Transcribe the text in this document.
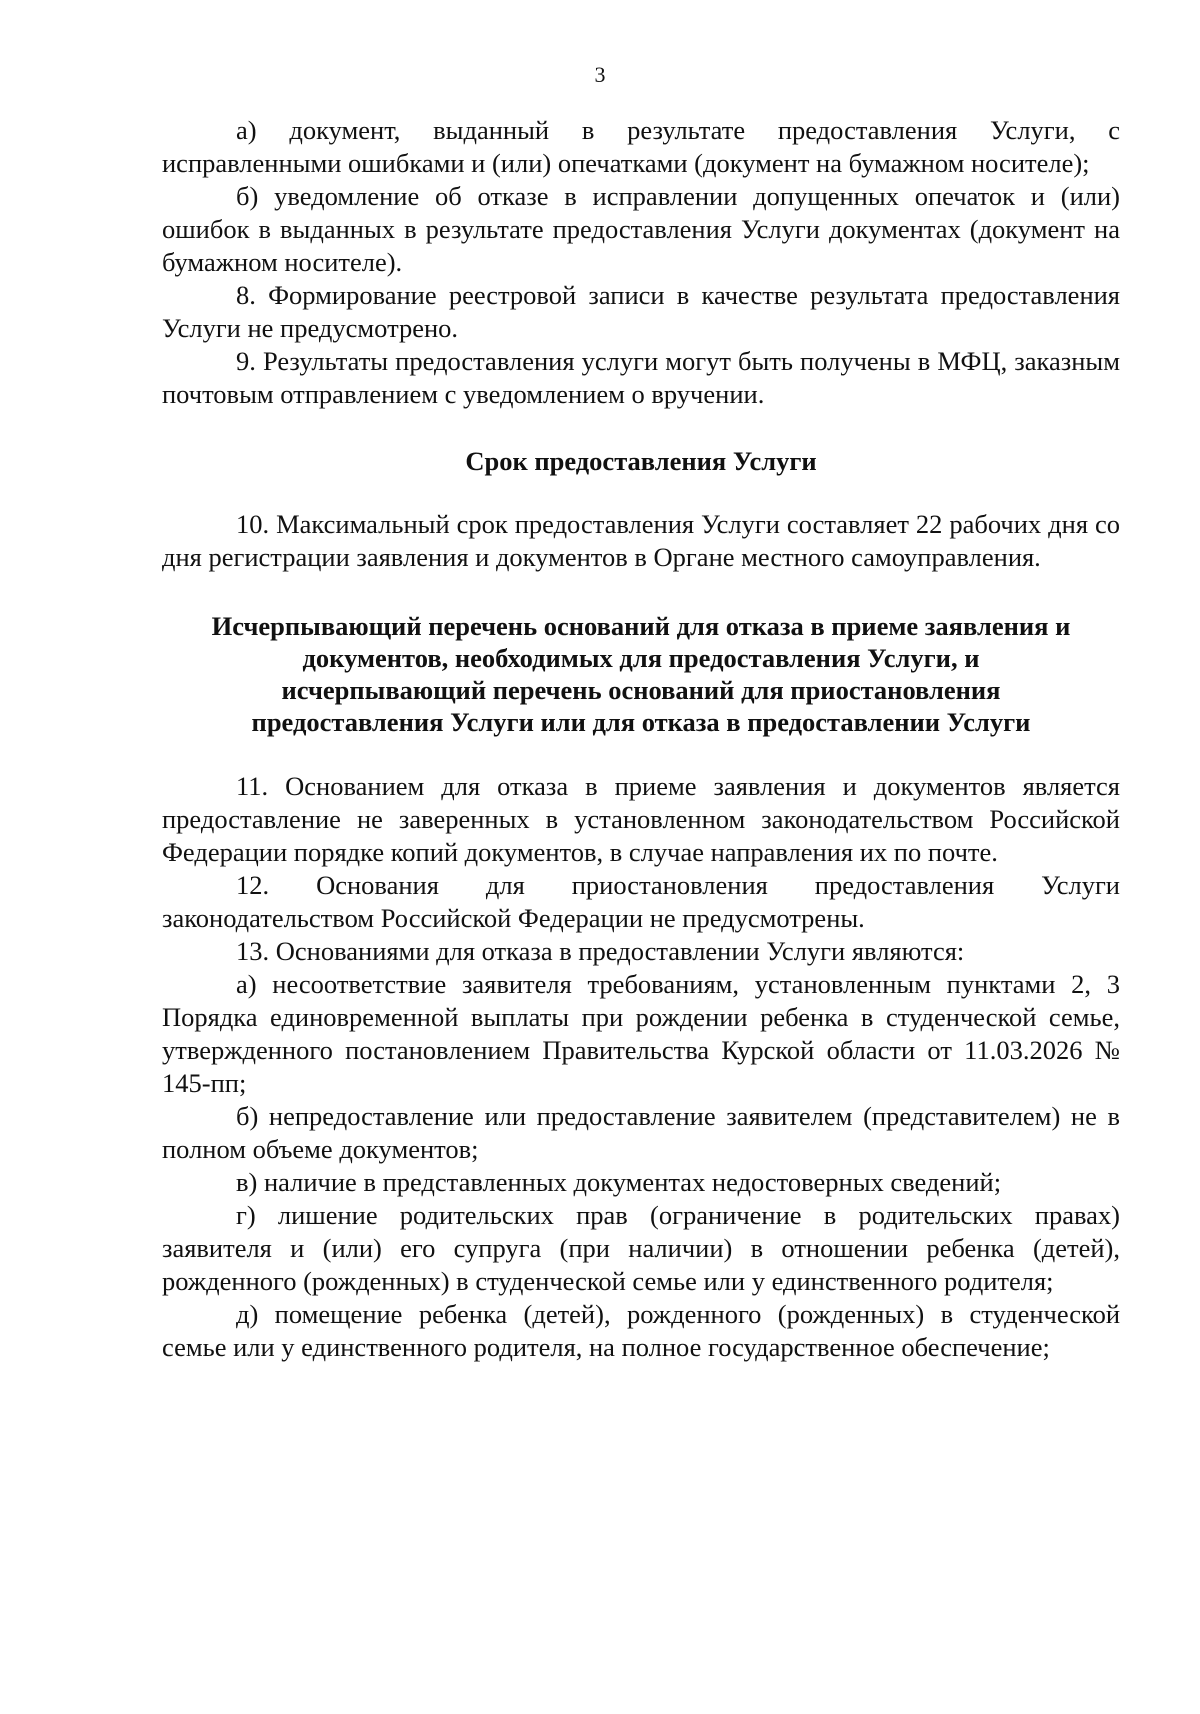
3

а) документ, выданный в результате предоставления Услуги, с исправленными ошибками и (или) опечатками (документ на бумажном носителе);

б) уведомление об отказе в исправлении допущенных опечаток и (или) ошибок в выданных в результате предоставления Услуги документах (документ на бумажном носителе).

8. Формирование реестровой записи в качестве результата предоставления Услуги не предусмотрено.

9. Результаты предоставления услуги могут быть получены в МФЦ, заказным почтовым отправлением с уведомлением о вручении.

Срок предоставления Услуги

10. Максимальный срок предоставления Услуги составляет 22 рабочих дня со дня регистрации заявления и документов в Органе местного самоуправления.

Исчерпывающий перечень оснований для отказа в приеме заявления и
документов, необходимых для предоставления Услуги, и
исчерпывающий перечень оснований для приостановления
предоставления Услуги или для отказа в предоставлении Услуги

11. Основанием для отказа в приеме заявления и документов является предоставление не заверенных в установленном законодательством Российской Федерации порядке копий документов, в случае направления их по почте.

12. Основания для приостановления предоставления Услуги законодательством Российской Федерации не предусмотрены.

13. Основаниями для отказа в предоставлении Услуги являются:

а) несоответствие заявителя требованиям, установленным пунктами 2, 3 Порядка единовременной выплаты при рождении ребенка в студенческой семье, утвержденного постановлением Правительства Курской области от 11.03.2026 № 145-пп;

б) непредоставление или предоставление заявителем (представителем) не в полном объеме документов;

в) наличие в представленных документах недостоверных сведений;

г) лишение родительских прав (ограничение в родительских правах) заявителя и (или) его супруга (при наличии) в отношении ребенка (детей), рожденного (рожденных) в студенческой семье или у единственного родителя;

д) помещение ребенка (детей), рожденного (рожденных) в студенческой семье или у единственного родителя, на полное государственное обеспечение;
